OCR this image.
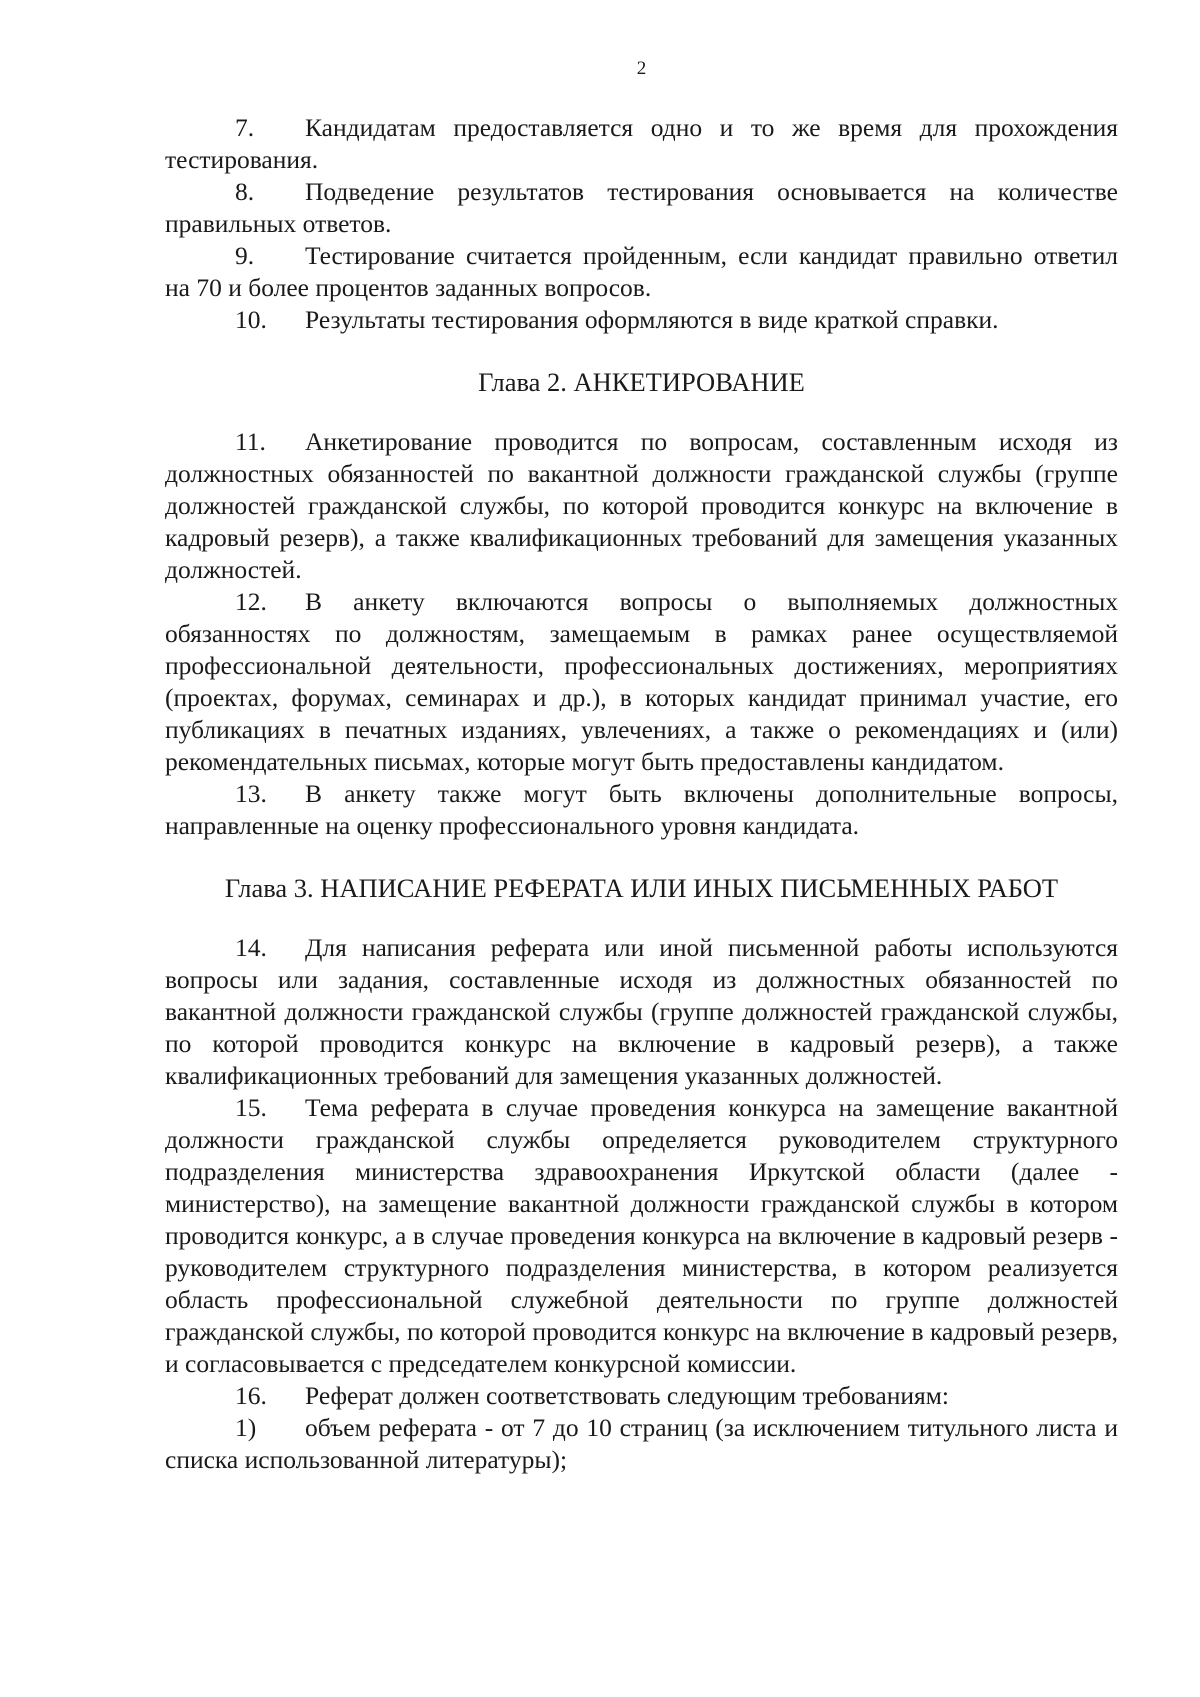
2

7. Кандидатам предоставляется одно и то же время для прохождения тестирования.

8. Подведение результатов тестирования основывается на количестве правильных ответов.

9. Тестирование считается пройденным, если кандидат правильно ответил на 70 и более процентов заданных вопросов.

10. Результаты тестирования оформляются в виде краткой справки.

Глава 2. АНКЕТИРОВАНИЕ

11. Анкетирование проводится по вопросам, составленным исходя из должностных обязанностей по вакантной должности гражданской службы (группе должностей гражданской службы, по которой проводится конкурс на включение в кадровый резерв), а также квалификационных требований для замещения указанных должностей.

12. В анкету включаются вопросы о выполняемых должностных обязанностях по должностям, замещаемым в рамках ранее осуществляемой профессиональной деятельности, профессиональных достижениях, мероприятиях (проектах, форумах, семинарах и др.), в которых кандидат принимал участие, его публикациях в печатных изданиях, увлечениях, а также о рекомендациях и (или) рекомендательных письмах, которые могут быть предоставлены кандидатом.

13. В анкету также могут быть включены дополнительные вопросы, направленные на оценку профессионального уровня кандидата.

Глава 3. НАПИСАНИЕ РЕФЕРАТА ИЛИ ИНЫХ ПИСЬМЕННЫХ РАБОТ

14. Для написания реферата или иной письменной работы используются вопросы или задания, составленные исходя из должностных обязанностей по вакантной должности гражданской службы (группе должностей гражданской службы, по которой проводится конкурс на включение в кадровый резерв), а также квалификационных требований для замещения указанных должностей.

15. Тема реферата в случае проведения конкурса на замещение вакантной должности гражданской службы определяется руководителем структурного подразделения министерства здравоохранения Иркутской области (далее - министерство), на замещение вакантной должности гражданской службы в котором проводится конкурс, а в случае проведения конкурса на включение в кадровый резерв - руководителем структурного подразделения министерства, в котором реализуется область профессиональной служебной деятельности по группе должностей гражданской службы, по которой проводится конкурс на включение в кадровый резерв, и согласовывается с председателем конкурсной комиссии.

16. Реферат должен соответствовать следующим требованиям:

1) объем реферата - от 7 до 10 страниц (за исключением титульного листа и списка использованной литературы);
